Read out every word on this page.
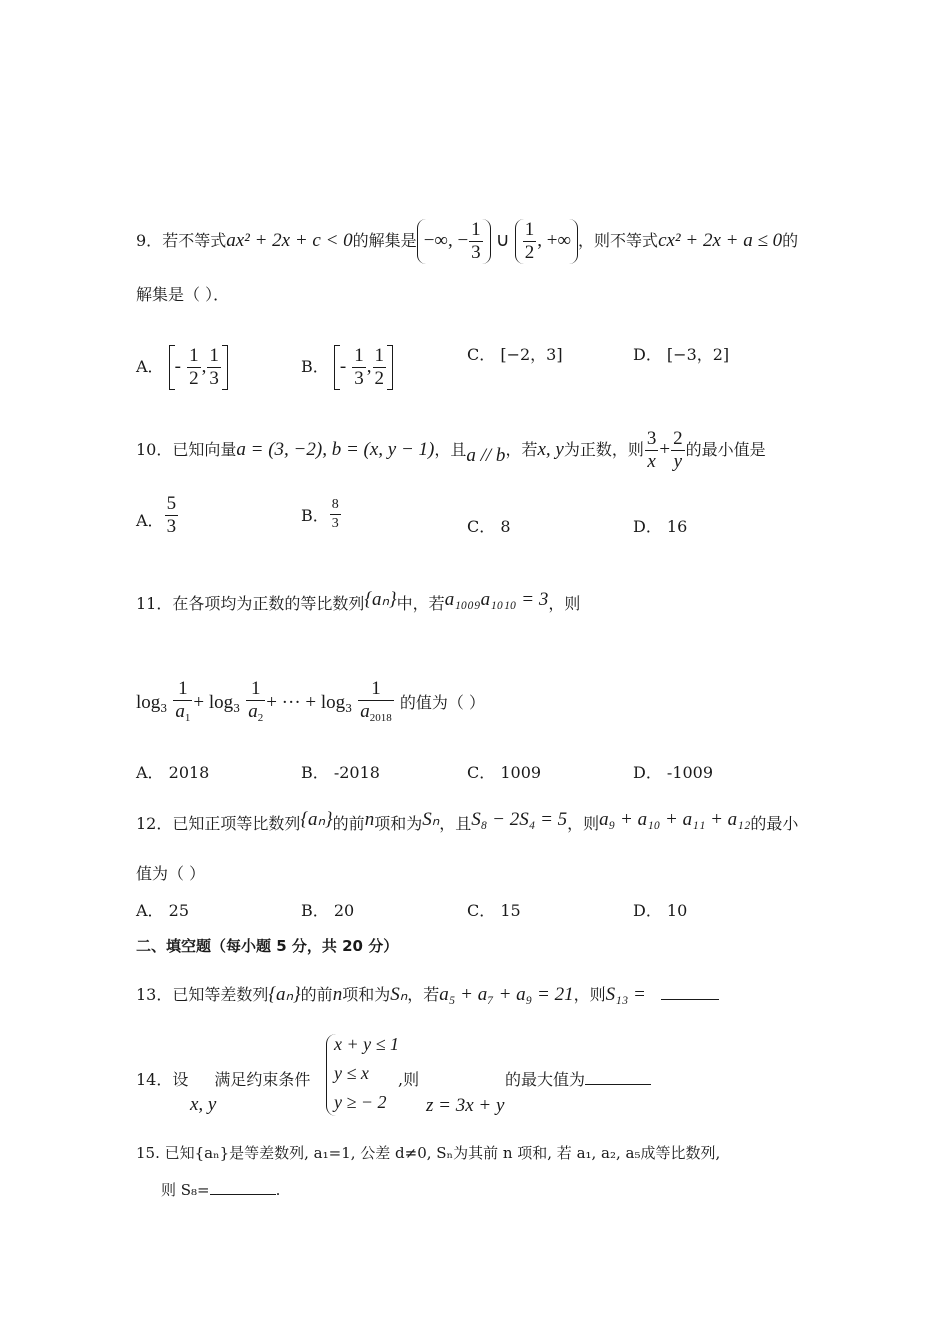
9．若不等式ax² + 2x + c < 0的解集是 −∞, − $\frac{1}{3}$ ∪ $\frac{1}{2}$ , +∞ ，则不等式cx² + 2x + a ≤ 0的
解集是（ ）．
A． - $\frac{1}{2}$ , $\frac{1}{3}$	B． - $\frac{1}{3}$ , $\frac{1}{2}$	C． [−2，3]	D． [−3，2]
10．已知向量a = (3, −2), b = (x, y − 1)，且a // b，若x, y为正数，则 $\frac{3}{x} + \frac{2}{y}$ 的最小值是
A． $\frac{5}{3}$	B． $\frac{8}{3}$	C． 8	D． 16
11．在各项均为正数的等比数列{aₙ}中，若a₁₀₀₉a₁₀₁₀ = 3，则
$\log_3 \frac{1}{a_1} + \log_3 \frac{1}{a_2}$ + ··· + $\log_3 \frac{1}{a_{2018}}$ 的值为（ ）
A． 2018	B． -2018	C． 1009	D． -1009
12．已知正项等比数列{aₙ}的前n项和为Sₙ，且S₈ − 2S₄ = 5，则a₉ + a₁₀ + a₁₁ + a₁₂的最小
值为（ ）
A． 25	B． 20	C． 15	D． 10
二、填空题（每小题 5 分，共 20 分）
13．已知等差数列{aₙ}的前n项和为Sₙ，若a₅ + a₇ + a₉ = 21，则S₁₃ =
14．设 满足约束条件
x, y
x + y ≤ 1
y ≤ x
y ≥ − 2
,则
z = 3x + y
的最大值为
15. 已知{aₙ}是等差数列, a₁=1, 公差 d≠0, Sₙ为其前 n 项和, 若 a₁, a₂, a₅成等比数列,
则 S₈=	.
